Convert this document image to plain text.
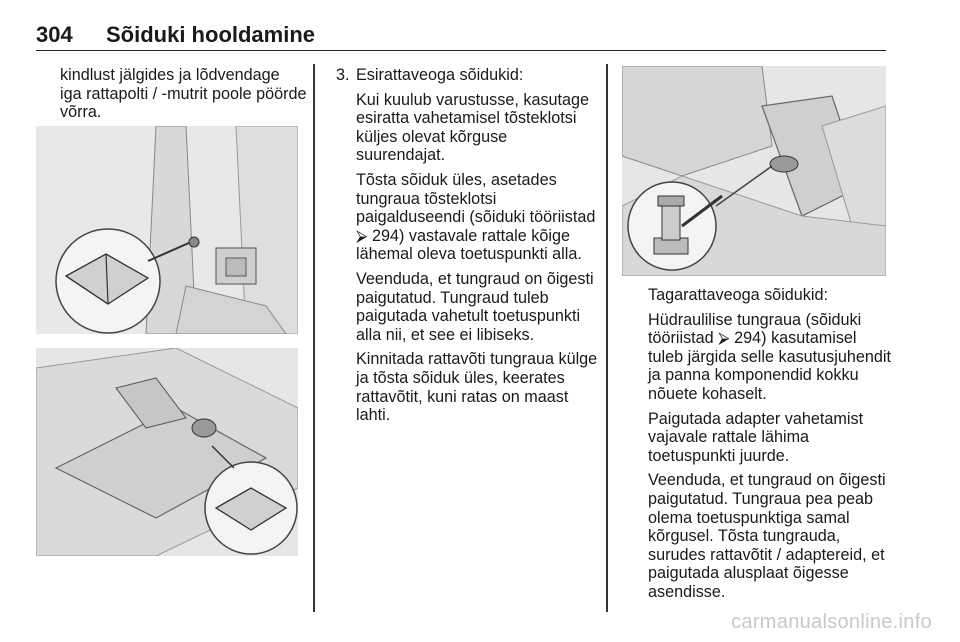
304 Sõiduki hooldamine
kindlust jälgides ja lõdvendage
iga rattapolti / -mutrit poole pöörde
võrra.
3. Esirattaveoga sõidukid:

Kui kuulub varustusse, kasutage
esiratta vahetamisel tõsteklotsi
küljes olevat kõrguse
suurendajat.

Tõsta sõiduk üles, asetades
tungraua tõsteklotsi
paigalduseendi (sõiduki tööriistad
⮚ 294) vastavale rattale kõige
lähemal oleva toetuspunkti alla.

Veenduda, et tungraud on õigesti
paigutatud. Tungraud tuleb
paigutada vahetult toetuspunkti
alla nii, et see ei libiseks.

Kinnitada rattavõti tungraua külge
ja tõsta sõiduk üles, keerates
rattavõtit, kuni ratas on maast
lahti.

Tagarattaveoga sõidukid:

Hüdraulilise tungraua (sõiduki
tööriistad ⮚ 294) kasutamisel
tuleb järgida selle kasutusjuhendit
ja panna komponendid kokku
nõuete kohaselt.

Paigutada adapter vahetamist
vajavale rattale lähima
toetuspunkti juurde.

Veenduda, et tungraud on õigesti
paigutatud. Tungraua pea peab
olema toetuspunktiga samal
kõrgusel. Tõsta tungrauda,
surudes rattavõtit / adaptereid, et
paigutada alusplaat õigesse
asendisse.

carmanualsonline.info
